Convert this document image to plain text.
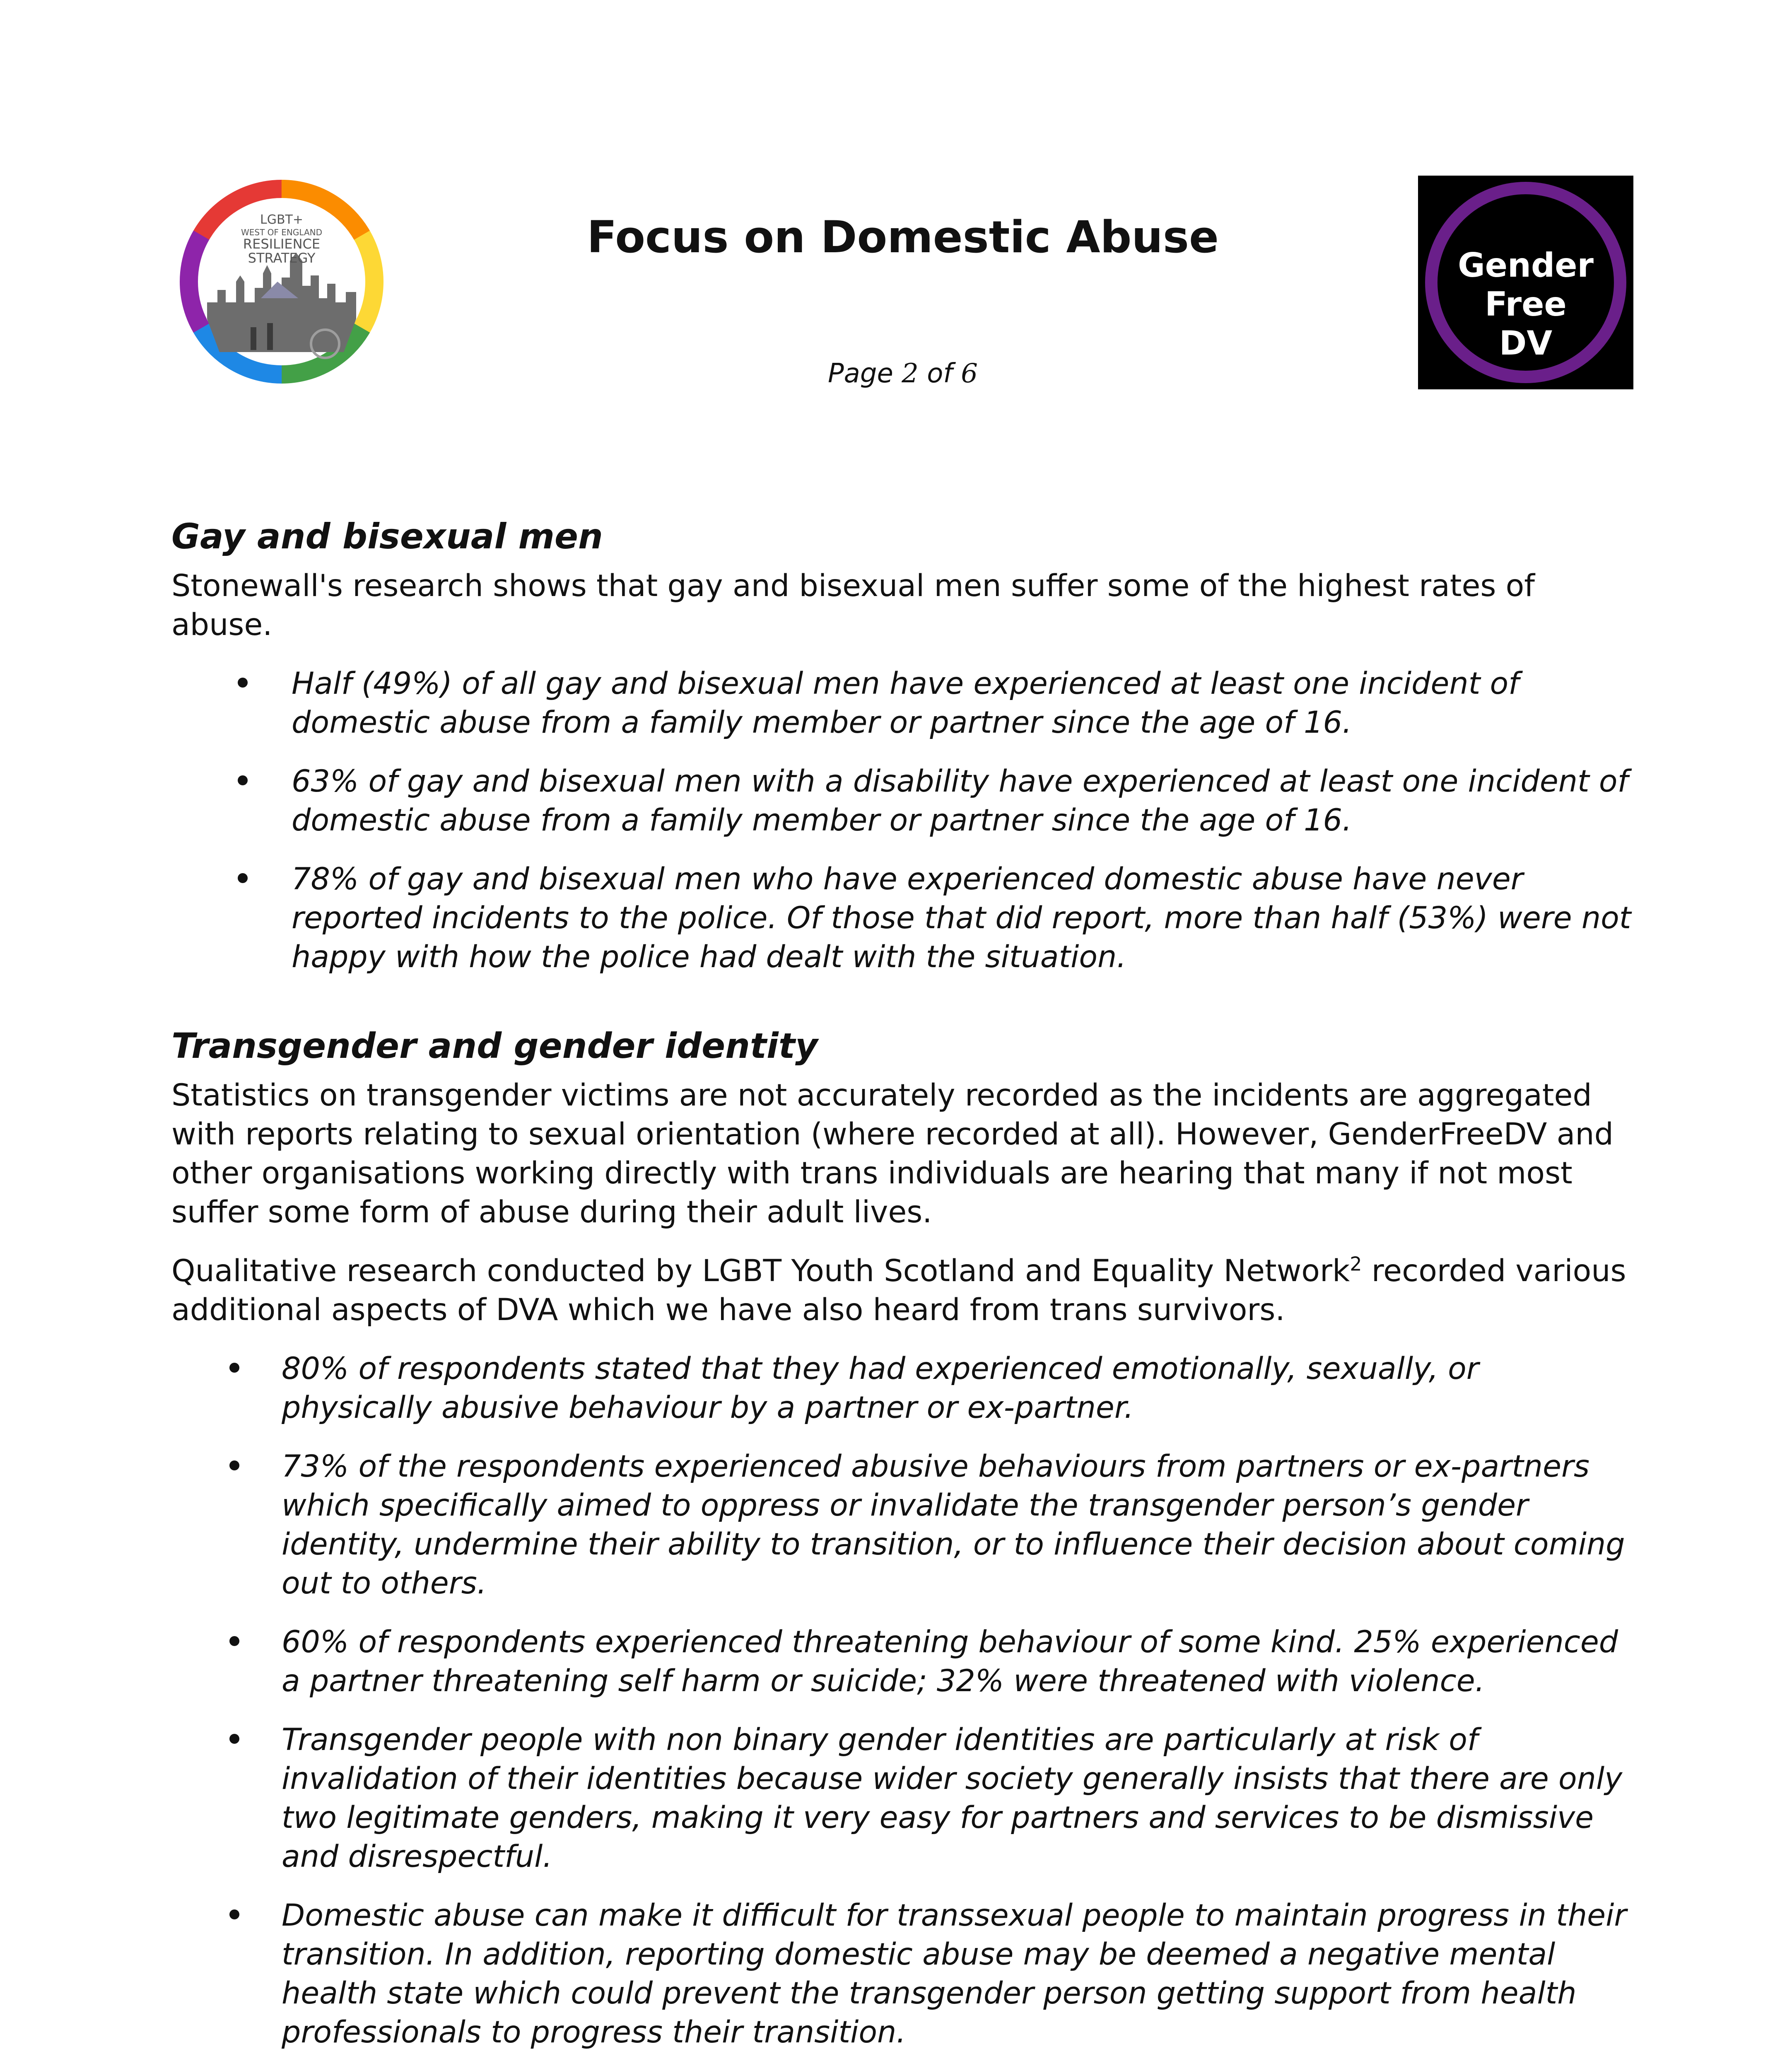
LGBT+
WEST OF ENGLAND
RESILIENCE
STRATEGY	Focus on Domestic Abuse
Page 2 of 6
Gender Free
DV
Gay and bisexual men

Stonewall's research shows that gay and bisexual men suffer some of the highest rates of abuse.

Half (49%) of all gay and bisexual men have experienced at least one incident of domestic abuse from a family member or partner since the age of 16.
63% of gay and bisexual men with a disability have experienced at least one incident of domestic abuse from a family member or partner since the age of 16.
78% of gay and bisexual men who have experienced domestic abuse have never reported incidents to the police. Of those that did report, more than half (53%) were not happy with how the police had dealt with the situation.
Transgender and gender identity

Statistics on transgender victims are not accurately recorded as the incidents are aggregated with reports relating to sexual orientation (where recorded at all). However, GenderFreeDV and other organisations working directly with trans individuals are hearing that many if not most suffer some form of abuse during their adult lives.

Qualitative research conducted by LGBT Youth Scotland and Equality Network$^2$ recorded various additional aspects of DVA which we have also heard from trans survivors.

80% of respondents stated that they had experienced emotionally, sexually, or physically abusive behaviour by a partner or ex-partner.
73% of the respondents experienced abusive behaviours from partners or ex-partners which specifically aimed to oppress or invalidate the transgender person’s gender identity, undermine their ability to transition, or to influence their decision about coming out to others.
60% of respondents experienced threatening behaviour of some kind. 25% experienced a partner threatening self harm or suicide; 32% were threatened with violence.
Transgender people with non binary gender identities are particularly at risk of invalidation of their identities because wider society generally insists that there are only two legitimate genders, making it very easy for partners and services to be dismissive and disrespectful.
Domestic abuse can make it difficult for transsexual people to maintain progress in their transition. In addition, reporting domestic abuse may be deemed a negative mental health state which could prevent the transgender person getting support from health professionals to progress their transition.
